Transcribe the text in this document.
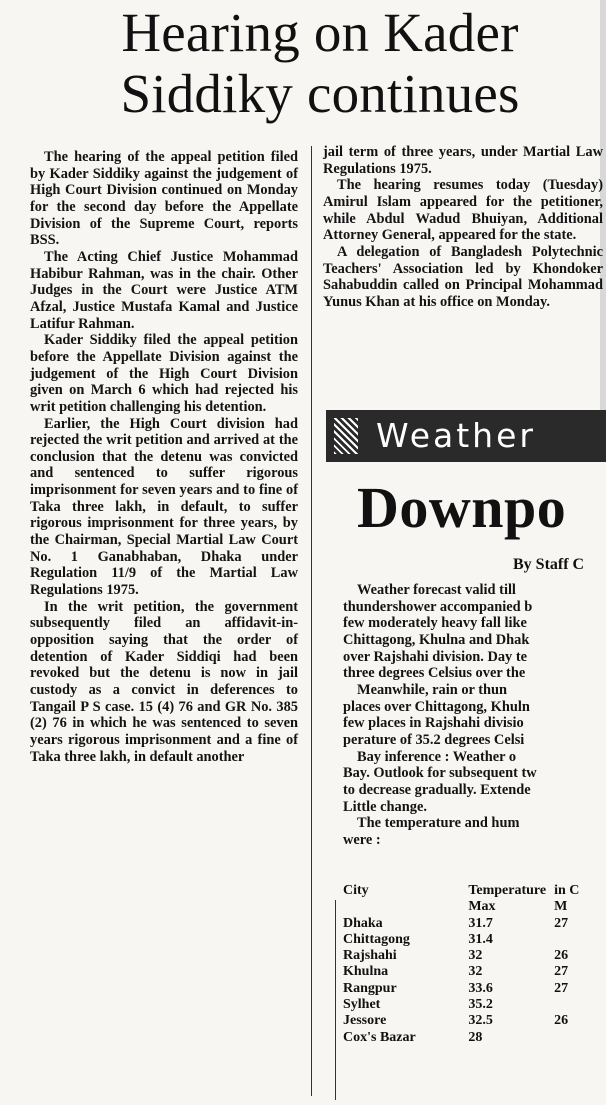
Hearing on Kader
Siddiky continues

The hearing of the appeal petition filed by Kader Siddiky against the judgement of High Court Division continued on Monday for the second day before the Appellate Division of the Supreme Court, reports BSS.

The Acting Chief Justice Mohammad Habibur Rahman, was in the chair. Other Judges in the Court were Justice ATM Afzal, Justice Mustafa Kamal and Justice Latifur Rahman.

Kader Siddiky filed the appeal petition before the Appellate Division against the judgement of the High Court Division given on March 6 which had rejected his writ petition challenging his detention.

Earlier, the High Court division had rejected the writ petition and arrived at the conclusion that the detenu was convicted and sentenced to suffer rigorous imprisonment for seven years and to fine of Taka three lakh, in default, to suffer rigorous imprisonment for three years, by the Chairman, Special Martial Law Court No. 1 Ganabhaban, Dhaka under Regulation 11/9 of the Martial Law Regulations 1975.

In the writ petition, the government subsequently filed an affidavit-in-opposition saying that the order of detention of Kader Siddiqi had been revoked but the detenu is now in jail custody as a convict in deferences to Tangail P S case. 15 (4) 76 and GR No. 385 (2) 76 in which he was sentenced to seven years rigorous imprisonment and a fine of Taka three lakh, in default another

jail term of three years, under Martial Law Regulations 1975.

The hearing resumes today (Tuesday) Amirul Islam appeared for the petitioner, while Abdul Wadud Bhuiyan, Additional Attorney General, appeared for the state.

A delegation of Bangladesh Polytechnic Teachers' Association led by Khondoker Sahabuddin called on Principal Mohammad Yunus Khan at his office on Monday.

Weather
Downpo
By Staff C

Weather forecast valid till
thundershower accompanied b
few moderately heavy fall like
Chittagong, Khulna and Dhak
over Rajshahi division. Day te
three degrees Celsius over the

Meanwhile, rain or thun
places over Chittagong, Khuln
few places in Rajshahi divisio
perature of 35.2 degrees Celsi

Bay inference : Weather o
Bay. Outlook for subsequent tw
to decrease gradually. Extende
Little change.

The temperature and hum
were :

City	Temperature	in C
	Max	M
Dhaka	31.7	27
Chittagong	31.4	
Rajshahi	32	26
Khulna	32	27
Rangpur	33.6	27
Sylhet	35.2	
Jessore	32.5	26
Cox's Bazar	28	
